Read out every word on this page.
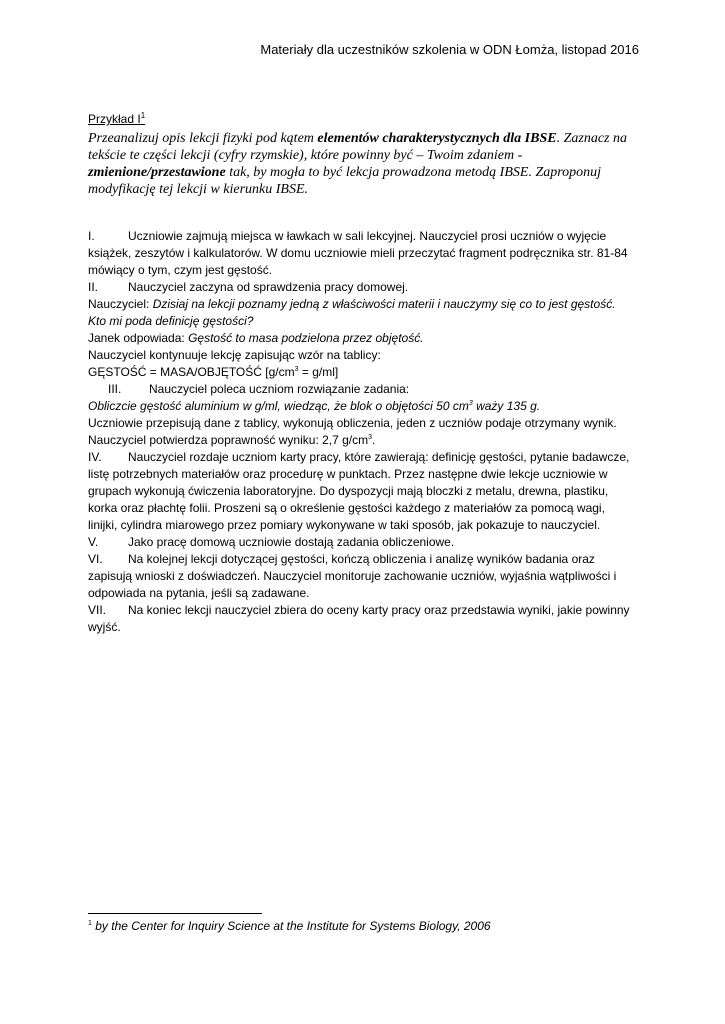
Materiały dla uczestników szkolenia w ODN Łomża, listopad 2016
Przykład $I^1$
Przeanalizuj opis lekcji fizyki pod kątem elementów charakterystycznych dla IBSE. Zaznacz na tekście te części lekcji (cyfry rzymskie), które powinny być – Twoim zdaniem - zmienione/przestawione tak, by mogła to być lekcja prowadzona metodą IBSE. Zaproponuj modyfikację tej lekcji w kierunku IBSE.

I.	Uczniowie zajmują miejsca w ławkach w sali lekcyjnej. Nauczyciel prosi uczniów o wyjęcie książek, zeszytów i kalkulatorów. W domu uczniowie mieli przeczytać fragment podręcznika str. 81-84 mówiący o tym, czym jest gęstość.

II. Nauczyciel zaczyna od sprawdzenia pracy domowej.

Nauczyciel: Dzisiaj na lekcji poznamy jedną z właściwości materii i nauczymy się co to jest gęstość. Kto mi poda definicję gęstości?

Janek odpowiada: Gęstość to masa podzielona przez objętość.

Nauczyciel kontynuuje lekcję zapisując wzór na tablicy:

GĘSTOŚĆ = MASA/OBJĘTOŚĆ $[g/cm^3 = g/ml]$

III. Nauczyciel poleca uczniom rozwiązanie zadania:

Obliczcie gęstość aluminium w g/ml, wiedząc, że blok o objętości 50 $cm^3$ waży 135 g.

Uczniowie przepisują dane z tablicy, wykonują obliczenia, jeden z uczniów podaje otrzymany wynik. Nauczyciel potwierdza poprawność wyniku: 2,7 $g/cm^3$.

IV. Nauczyciel rozdaje uczniom karty pracy, które zawierają: definicję gęstości, pytanie badawcze, listę potrzebnych materiałów oraz procedurę w punktach. Przez następne dwie lekcje uczniowie w grupach wykonują ćwiczenia laboratoryjne. Do dyspozycji mają bloczki z metalu, drewna, plastiku, korka oraz płachtę folii. Proszeni są o określenie gęstości każdego z materiałów za pomocą wagi, linijki, cylindra miarowego przez pomiary wykonywane w taki sposób, jak pokazuje to nauczyciel.

V. Jako pracę domową uczniowie dostają zadania obliczeniowe.

VI. Na kolejnej lekcji dotyczącej gęstości, kończą obliczenia i analizę wyników badania oraz zapisują wnioski z doświadczeń. Nauczyciel monitoruje zachowanie uczniów, wyjaśnia wątpliwości i odpowiada na pytania, jeśli są zadawane.

VII. Na koniec lekcji nauczyciel zbiera do oceny karty pracy oraz przedstawia wyniki, jakie powinny wyjść.

$^1$ by the Center for Inquiry Science at the Institute for Systems Biology, 2006
